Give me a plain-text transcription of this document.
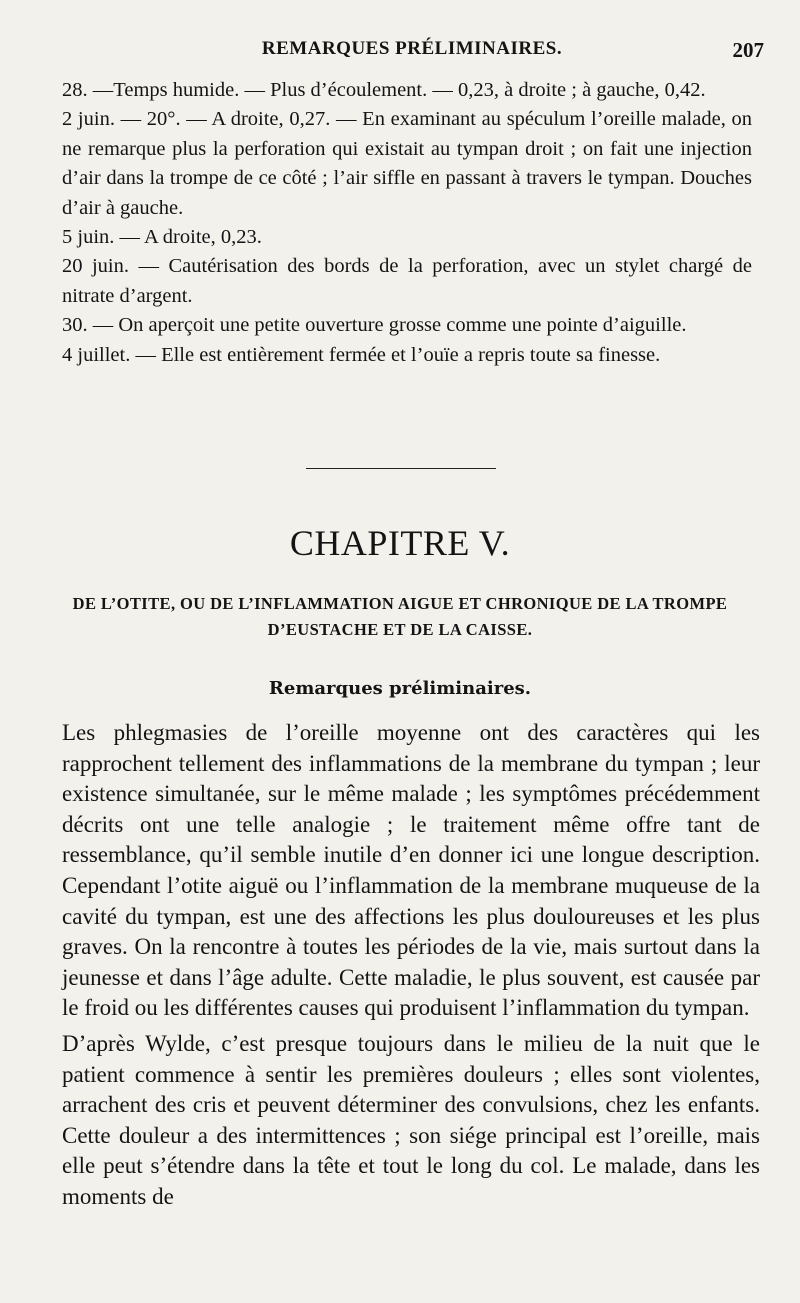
REMARQUES PRÉLIMINAIRES.	207

28. —Temps humide. — Plus d’écoulement. — 0,23, à droite ; à gauche, 0,42.

2 juin. — 20°. — A droite, 0,27. — En examinant au spéculum l’oreille malade, on ne remarque plus la perforation qui existait au tympan droit ; on fait une injection d’air dans la trompe de ce côté ; l’air siffle en passant à travers le tympan. Douches d’air à gauche.

5 juin. — A droite, 0,23.

20 juin. — Cautérisation des bords de la perforation, avec un stylet chargé de nitrate d’argent.

30. — On aperçoit une petite ouverture grosse comme une pointe d’aiguille.

4 juillet. — Elle est entièrement fermée et l’ouïe a repris toute sa finesse.

CHAPITRE V.
DE L’OTITE, OU DE L’INFLAMMATION AIGUE ET CHRONIQUE DE LA TROMPE D’EUSTACHE ET DE LA CAISSE.
Remarques préliminaires.

Les phlegmasies de l’oreille moyenne ont des caractères qui les rapprochent tellement des inflammations de la membrane du tympan ; leur existence simultanée, sur le même malade ; les symptômes précédemment décrits ont une telle analogie ; le traitement même offre tant de ressemblance, qu’il semble inutile d’en donner ici une longue description. Cependant l’otite aiguë ou l’inflammation de la membrane muqueuse de la cavité du tympan, est une des affections les plus douloureuses et les plus graves. On la rencontre à toutes les périodes de la vie, mais surtout dans la jeunesse et dans l’âge adulte. Cette maladie, le plus souvent, est causée par le froid ou les différentes causes qui produisent l’inflammation du tympan.

D’après Wylde, c’est presque toujours dans le milieu de la nuit que le patient commence à sentir les premières douleurs ; elles sont violentes, arrachent des cris et peuvent déterminer des convulsions, chez les enfants. Cette douleur a des intermittences ; son siége principal est l’oreille, mais elle peut s’étendre dans la tête et tout le long du col. Le malade, dans les moments de
